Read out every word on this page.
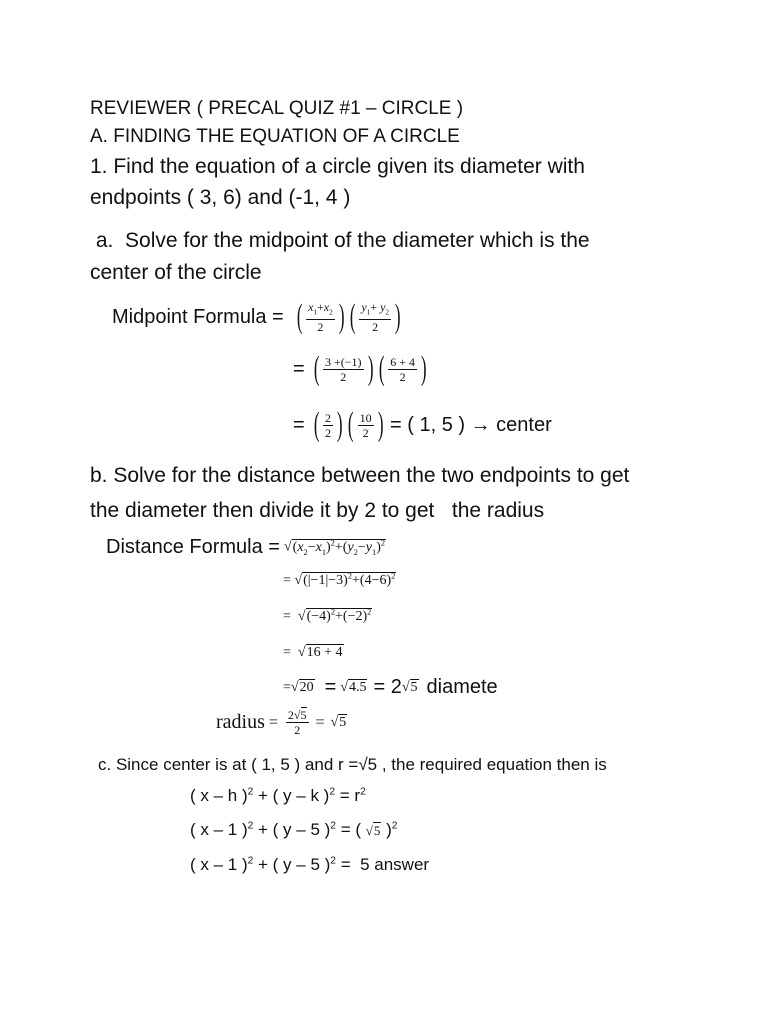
REVIEWER ( PRECAL QUIZ #1 – CIRCLE )
A. FINDING THE EQUATION OF A CIRCLE
1. Find the equation of a circle given its diameter with
endpoints ( 3, 6) and (-1, 4 )
a.  Solve for the midpoint of the diameter which is the
center of the circle
Midpoint Formula = ( $\frac{x_1+x_2}{2}$ ) ( $\frac{y_1+ y_2}{2}$ )
= ( $\frac{3 +(-1)}{2}$ ) ( $\frac{6 + 4}{2}$ )
= ( $\frac{2}{2}$ ) ( $\frac{10}{2}$ ) = ( 1, 5 ) → center
b. Solve for the distance between the two endpoints to get
the diameter then divide it by 2 to get   the radius
Distance Formula = $√(x_2-x_1)^2+(y_2-y_1)^2$
= $√(|-1|-3)^2+(4-6)^2$
=  $√(-4)^2+(-2)^2$
=  √16 + 4
= √20 = √4.5 = 2 √5 diamete
radius = $\frac{2√5}{2} = √5$
c. Since center is at ( 1, 5 ) and r =√5 , the required equation then is
( x – h )$^2$ + ( y – k )$^2 = r^2$
( x – 1 )$^2$ + ( y – 5 )$^2$ = ( √5 )$^2$
( x – 1 )$^2$ + ( y – 5 )$^2$ =  5 answer
